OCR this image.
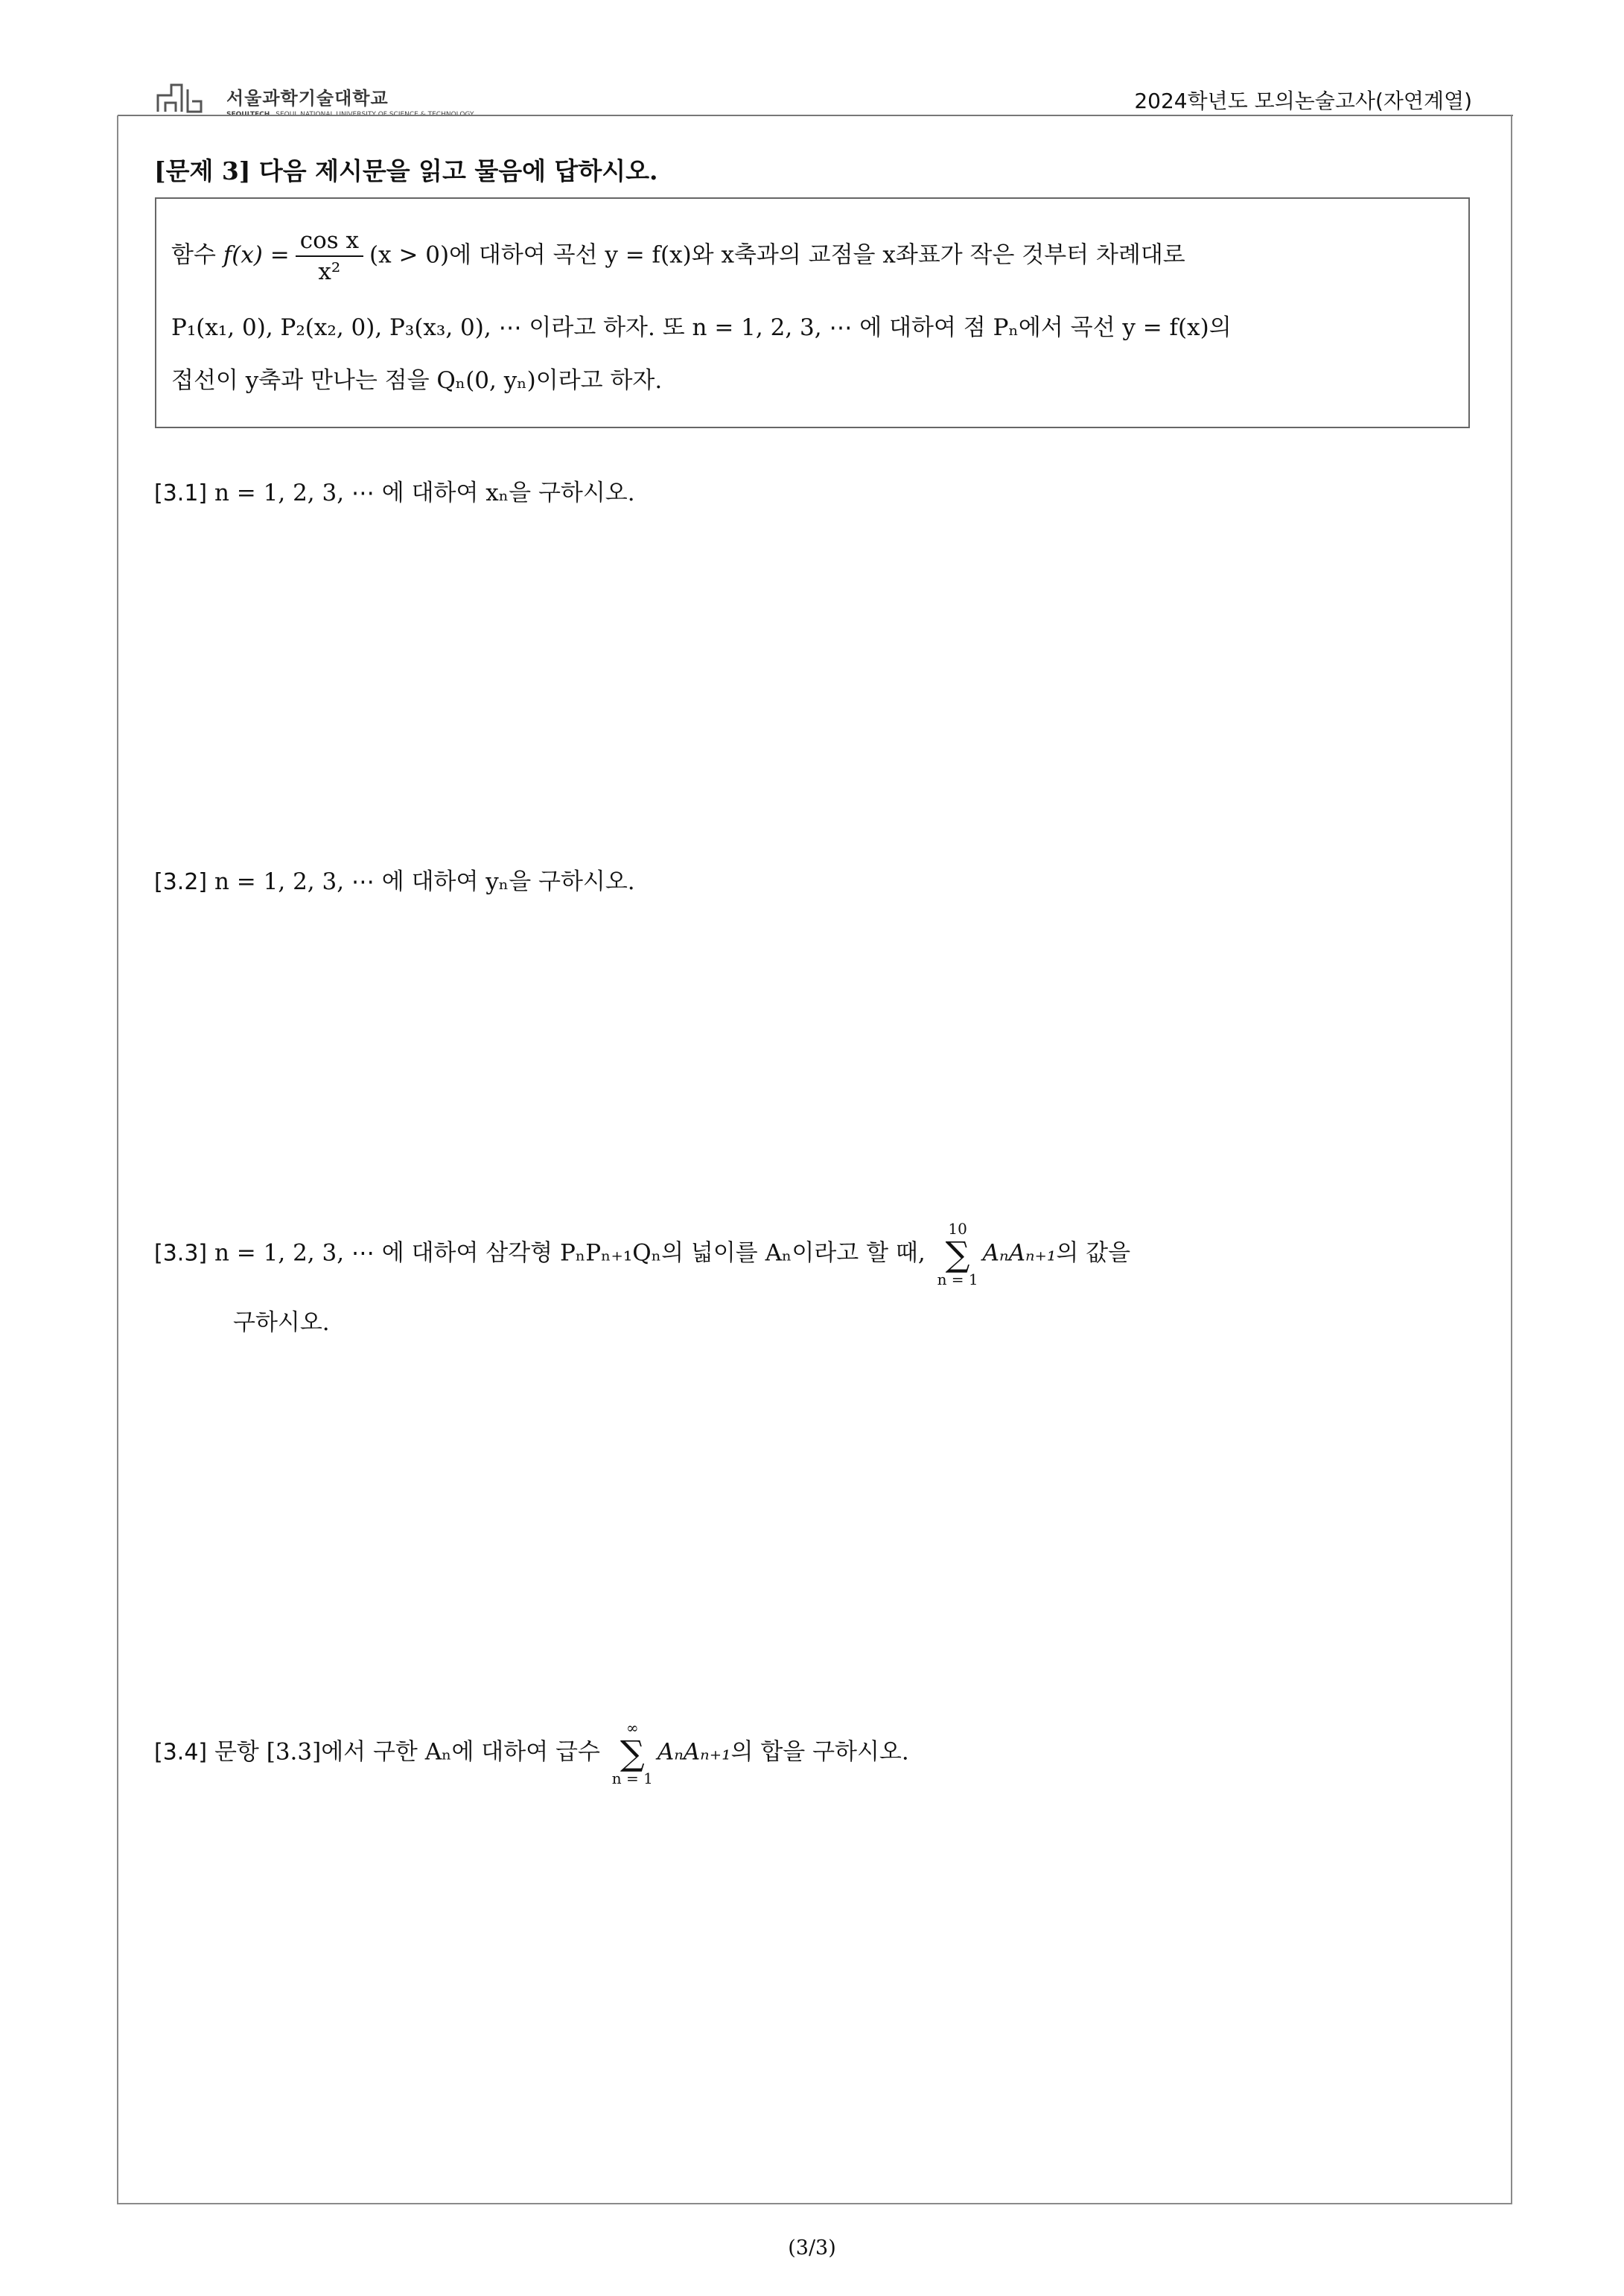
서울과학기술대학교
SEOULTECH SEOUL NATIONAL UNIVERSITY OF SCIENCE & TECHNOLOGY
2024학년도 모의논술고사(자연계열)
[문제 3] 다음 제시문을 읽고 물음에 답하시오.
함수 $f(x) = \frac{\text{cos x}}{\text{x²}} (x > 0)$에 대하여 곡선 y = f(x)와 x축과의 교점을 x좌표가 작은 것부터 차례대로
P₁(x₁, 0), P₂(x₂, 0), P₃(x₃, 0), ⋯ 이라고 하자. 또 n = 1, 2, 3, ⋯ 에 대하여 점 Pₙ에서 곡선 y = f(x)의
접선이 y축과 만나는 점을 Qₙ(0, yₙ)이라고 하자.
[3.1] n = 1, 2, 3, ⋯ 에 대하여 xₙ을 구하시오.
[3.2] n = 1, 2, 3, ⋯ 에 대하여 yₙ을 구하시오.
[3.3] n = 1, 2, 3, ⋯ 에 대하여 삼각형 PₙPₙ₊₁Qₙ의 넓이를 Aₙ이라고 할 때,
10
∑
n = 1
AₙAₙ₊₁의 값을
구하시오.
[3.4] 문항 [3.3]에서 구한 Aₙ에 대하여 급수
∞
∑
n = 1
AₙAₙ₊₁의 합을 구하시오.
(3/3)
